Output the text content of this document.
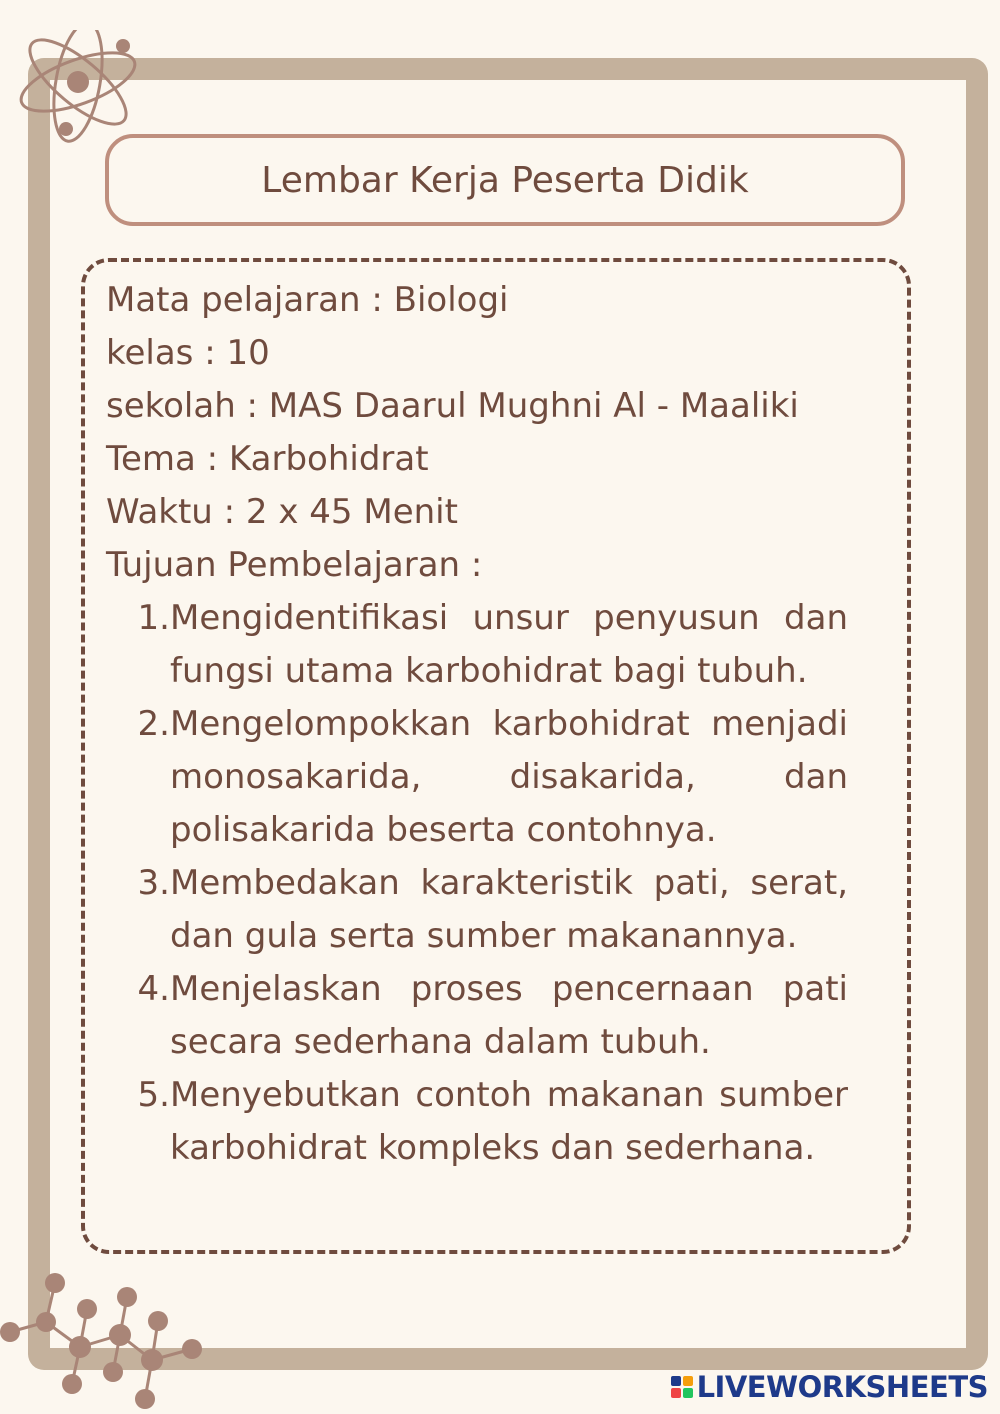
Lembar Kerja Peserta Didik
Mata pelajaran : Biologi
kelas : 10
sekolah : MAS Daarul Mughni Al - Maaliki
Tema : Karbohidrat
Waktu : 2 x 45 Menit
Tujuan Pembelajaran :
1. Mengidentifikasi unsur penyusun dan fungsi utama karbohidrat bagi tubuh.
2. Mengelompokkan karbohidrat menjadi monosakarida, disakarida, dan polisakarida beserta contohnya.
3. Membedakan karakteristik pati, serat, dan gula serta sumber makanannya.
4. Menjelaskan proses pencernaan pati secara sederhana dalam tubuh.
5. Menyebutkan contoh makanan sumber karbohidrat kompleks dan sederhana.
LIVEWORKSHEETS
